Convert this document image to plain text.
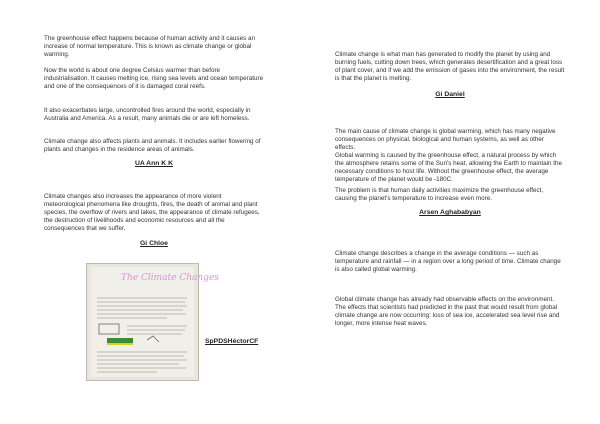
The greenhouse effect happens because of human activity and it causes an increase of normal temperature. This is known as climate change or global warming.
Now the world is about one degree Celsius warmer than before industrialisation. It causes melting ice, rising sea levels and ocean temperature and one of the consequences of it is damaged coral reefs.
It also exacerbates large, uncontrolled fires around the world, especially in Australia and America. As a result, many animals die or are left homeless.
Climate change also affects plants and animals. It includes earlier flowering of plants and changes in the residence areas of animals.

UA Ann K K

Climate changes also increases the appearance of more violent meteorological phenomena like droughts, fires, the death of animal and plant species, the overflow of rivers and lakes, the appearance of climate refugees, the destruction of livelihoods and economic resources and all the consequences that we suffer.

Gi Chloe

The Climate Changes

SpPDSHéctorCF

Climate change is what man has generated to modify the planet by using and burning fuels, cutting down trees, which generates desertification and a great loss of plant cover, and if we add the emission of gases into the environment, the result is that the planet is melting.

Gi Daniel

The main cause of climate change is global warming, which has many negative consequences on physical, biological and human systems, as well as other effects.
Global warming is caused by the greenhouse effect, a natural process by which the atmosphere retains some of the Sun's heat, allowing the Earth to maintain the necessary conditions to host life. Without the greenhouse effect, the average temperature of the planet would be -180C.
The problem is that human daily activities maximize the greenhouse effect, causing the planet's temperature to increase even more.

Arsen Aghababyan

Climate change describes a change in the average conditions — such as temperature and rainfall — in a region over a long period of time. Climate change is also called global warming.
Global climate change has already had observable effects on the environment. The effects that scientists had predicted in the past that would result from global climate change are now occurring: loss of sea ice, accelerated sea level rise and longer, more intense heat waves.
